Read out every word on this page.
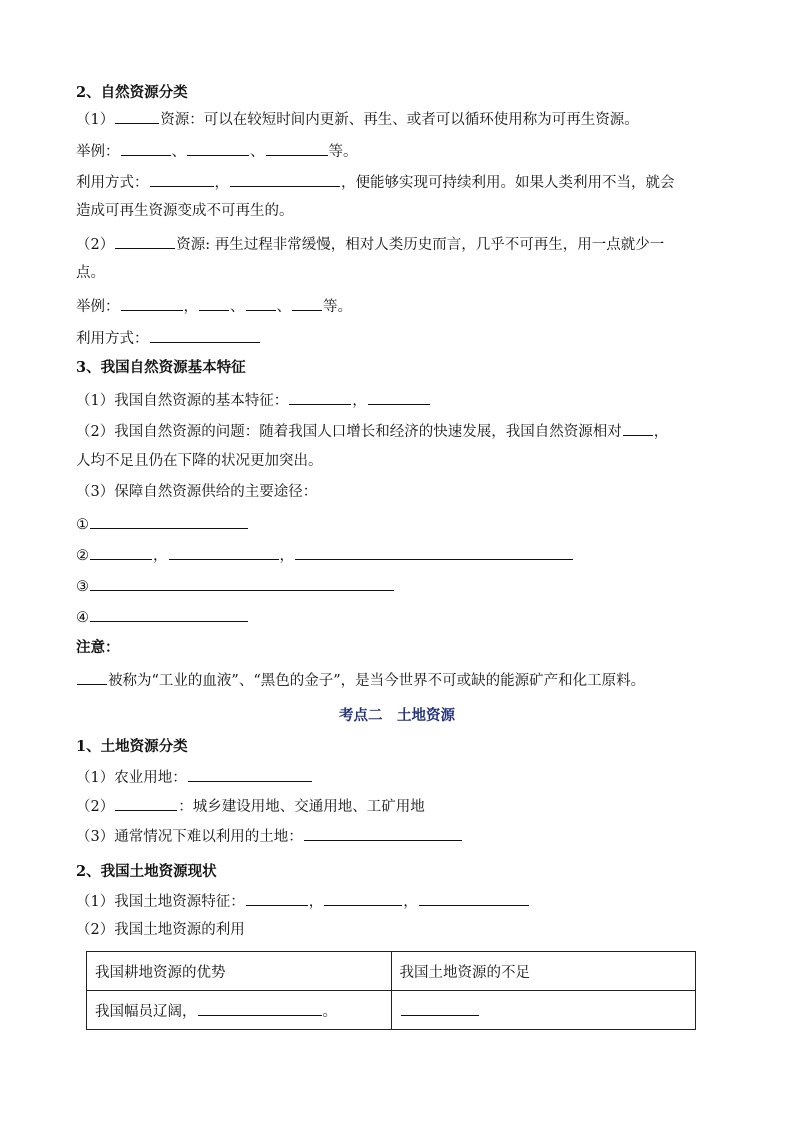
2、自然资源分类
（1）	资源：可以在较短时间内更新、再生、或者可以循环使用称为可再生资源。
举例：	、	、	等。
利用方式：	，	，便能够实现可持续利用。如果人类利用不当，就会
造成可再生资源变成不可再生的。
（2）	资源: 再生过程非常缓慢，相对人类历史而言，几乎不可再生，用一点就少一
点。
举例：	， 、 、 等。
利用方式：
3、我国自然资源基本特征
（1）我国自然资源的基本特征：	，
（2）我国自然资源的问题：随着我国人口增长和经济的快速发展，我国自然资源相对 ，
人均不足且仍在下降的状况更加突出。
（3）保障自然资源供给的主要途径：
①
②	，	，
③
④
注意：
被称为“工业的血液”、“黑色的金子”，是当今世界不可或缺的能源矿产和化工原料。
考点二　土地资源
1、土地资源分类
（1）农业用地：
（2）	：城乡建设用地、交通用地、工矿用地
（3）通常情况下难以利用的土地：
2、我国土地资源现状
（1）我国土地资源特征：	，	，
（2）我国土地资源的利用
我国耕地资源的优势	我国土地资源的不足
我国幅员辽阔， 。	
